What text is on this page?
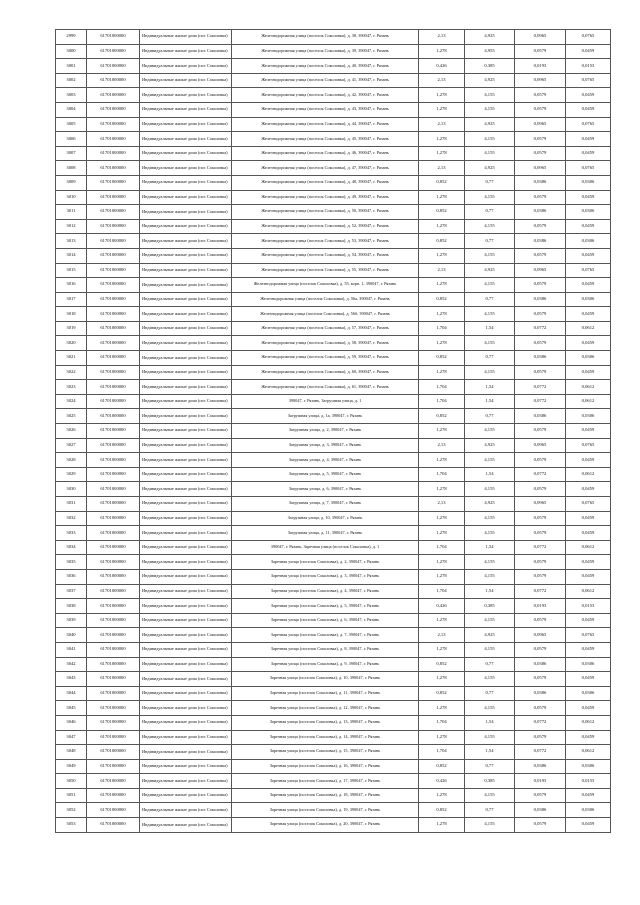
2999	61701000000	Индивидуальные жилые дома (пос Соколовка)	Железнодорожная улица (поселок Соколовка), д. 38, 390047, г. Рязань	2,13	4,925	0,0965	0,0765
3000	61701000000	Индивидуальные жилые дома (пос Соколовка)	Железнодорожная улица (поселок Соколовка), д. 39, 390047, г. Рязань	1,278	4,955	0,0579	0,0459
3001	61701000000	Индивидуальные жилые дома (пос Соколовка)	Железнодорожная улица (поселок Соколовка), д. 40, 390047, г. Рязань	0,426	0,385	0,0193	0,0153
3002	61701000000	Индивидуальные жилые дома (пос Соколовка)	Железнодорожная улица (поселок Соколовка), д. 41, 390047, г. Рязань	2,13	4,925	0,0965	0,0765
3003	61701000000	Индивидуальные жилые дома (пос Соколовка)	Железнодорожная улица (поселок Соколовка), д. 42, 390047, г. Рязань	1,278	4,155	0,0579	0,0459
3004	61701000000	Индивидуальные жилые дома (пос Соколовка)	Железнодорожная улица (поселок Соколовка), д. 43, 390047, г. Рязань	1,278	4,155	0,0579	0,0459
3005	61701000000	Индивидуальные жилые дома (пос Соколовка)	Железнодорожная улица (поселок Соколовка), д. 44, 390047, г. Рязань	2,13	4,925	0,0965	0,0765
3006	61701000000	Индивидуальные жилые дома (пос Соколовка)	Железнодорожная улица (поселок Соколовка), д. 45, 390047, г. Рязань	1,278	4,155	0,0579	0,0459
3007	61701000000	Индивидуальные жилые дома (пос Соколовка)	Железнодорожная улица (поселок Соколовка), д. 46, 390047, г. Рязань	1,278	4,155	0,0579	0,0459
3008	61701000000	Индивидуальные жилые дома (пос Соколовка)	Железнодорожная улица (поселок Соколовка), д. 47, 390047, г. Рязань	2,13	4,925	0,0965	0,0765
3009	61701000000	Индивидуальные жилые дома (пос Соколовка)	Железнодорожная улица (поселок Соколовка), д. 48, 390047, г. Рязань	0,852	0,77	0,0386	0,0306
3010	61701000000	Индивидуальные жилые дома (пос Соколовка)	Железнодорожная улица (поселок Соколовка), д. 49, 390047, г. Рязань	1,278	4,155	0,0579	0,0459
3011	61701000000	Индивидуальные жилые дома (пос Соколовка)	Железнодорожная улица (поселок Соколовка), д. 50, 390047, г. Рязань	0,852	0,77	0,0386	0,0306
3012	61701000000	Индивидуальные жилые дома (пос Соколовка)	Железнодорожная улица (поселок Соколовка), д. 52, 390047, г. Рязань	1,278	4,155	0,0579	0,0459
3013	61701000000	Индивидуальные жилые дома (пос Соколовка)	Железнодорожная улица (поселок Соколовка), д. 53, 390047, г. Рязань	0,852	0,77	0,0386	0,0306
3014	61701000000	Индивидуальные жилые дома (пос Соколовка)	Железнодорожная улица (поселок Соколовка), д. 54, 390047, г. Рязань	1,278	4,155	0,0579	0,0459
3015	61701000000	Индивидуальные жилые дома (пос Соколовка)	Железнодорожная улица (поселок Соколовка), д. 55, 390047, г. Рязань	2,13	4,925	0,0965	0,0765
3016	61701000000	Индивидуальные жилые дома (пос Соколовка)	Железнодорожная улица (поселок Соколовка), д. 55, корп. 1, 390047, г. Рязань	1,278	4,155	0,0579	0,0459
3017	61701000000	Индивидуальные жилые дома (пос Соколовка)	Железнодорожная улица (поселок Соколовка), д. 56а, 390047, г. Рязань	0,852	0,77	0,0386	0,0306
3018	61701000000	Индивидуальные жилые дома (пос Соколовка)	Железнодорожная улица (поселок Соколовка), д. 56б, 390047, г. Рязань	1,278	4,155	0,0579	0,0459
3019	61701000000	Индивидуальные жилые дома (пос Соколовка)	Железнодорожная улица (поселок Соколовка), д. 57, 390047, г. Рязань	1,704	1,54	0,0772	0,0612
3020	61701000000	Индивидуальные жилые дома (пос Соколовка)	Железнодорожная улица (поселок Соколовка), д. 58, 390047, г. Рязань	1,278	4,155	0,0579	0,0459
3021	61701000000	Индивидуальные жилые дома (пос Соколовка)	Железнодорожная улица (поселок Соколовка), д. 59, 390047, г. Рязань	0,852	0,77	0,0386	0,0306
3022	61701000000	Индивидуальные жилые дома (пос Соколовка)	Железнодорожная улица (поселок Соколовка), д. 60, 390047, г. Рязань	1,278	4,155	0,0579	0,0459
3023	61701000000	Индивидуальные жилые дома (пос Соколовка)	Железнодорожная улица (поселок Соколовка), д. 61, 390047, г. Рязань	1,704	1,54	0,0772	0,0612
3024	61701000000	Индивидуальные жилые дома (пос Соколовка)	390047, г. Рязань, Загрушная улица, д. 1	1,704	1,54	0,0772	0,0612
3025	61701000000	Индивидуальные жилые дома (пос Соколовка)	Загрушная улица, д. 1а, 390047, г. Рязань	0,852	0,77	0,0386	0,0306
3026	61701000000	Индивидуальные жилые дома (пос Соколовка)	Загрушная улица, д. 2, 390047, г. Рязань	1,278	4,155	0,0579	0,0459
3027	61701000000	Индивидуальные жилые дома (пос Соколовка)	Загрушная улица, д. 3, 390047, г. Рязань	2,13	4,925	0,0965	0,0765
3028	61701000000	Индивидуальные жилые дома (пос Соколовка)	Загрушная улица, д. 4, 390047, г. Рязань	1,278	4,155	0,0579	0,0459
3029	61701000000	Индивидуальные жилые дома (пос Соколовка)	Загрушная улица, д. 5, 390047, г. Рязань	1,704	1,54	0,0772	0,0612
3030	61701000000	Индивидуальные жилые дома (пос Соколовка)	Загрушная улица, д. 6, 390047, г. Рязань	1,278	4,155	0,0579	0,0459
3031	61701000000	Индивидуальные жилые дома (пос Соколовка)	Загрушная улица, д. 7, 390047, г. Рязань	2,13	4,925	0,0965	0,0765
3032	61701000000	Индивидуальные жилые дома (пос Соколовка)	Загрушная улица, д. 10, 390047, г. Рязань	1,278	4,155	0,0579	0,0459
3033	61701000000	Индивидуальные жилые дома (пос Соколовка)	Загрушная улица, д. 11, 390047, г. Рязань	1,278	4,155	0,0579	0,0459
3034	61701000000	Индивидуальные жилые дома (пос Соколовка)	390047, г. Рязань, Заречная улица (поселок Соколовка), д. 1	1,704	1,54	0,0772	0,0612
3035	61701000000	Индивидуальные жилые дома (пос Соколовка)	Заречная улица (поселок Соколовка), д. 2, 390047, г. Рязань	1,278	4,155	0,0579	0,0459
3036	61701000000	Индивидуальные жилые дома (пос Соколовка)	Заречная улица (поселок Соколовка), д. 3, 390047, г. Рязань	1,278	4,155	0,0579	0,0459
3037	61701000000	Индивидуальные жилые дома (пос Соколовка)	Заречная улица (поселок Соколовка), д. 4, 390047, г. Рязань	1,704	1,54	0,0772	0,0612
3038	61701000000	Индивидуальные жилые дома (пос Соколовка)	Заречная улица (поселок Соколовка), д. 5, 390047, г. Рязань	0,426	0,385	0,0193	0,0153
3039	61701000000	Индивидуальные жилые дома (пос Соколовка)	Заречная улица (поселок Соколовка), д. 6, 390047, г. Рязань	1,278	4,155	0,0579	0,0459
3040	61701000000	Индивидуальные жилые дома (пос Соколовка)	Заречная улица (поселок Соколовка), д. 7, 390047, г. Рязань	2,13	4,925	0,0965	0,0765
3041	61701000000	Индивидуальные жилые дома (пос Соколовка)	Заречная улица (поселок Соколовка), д. 8, 390047, г. Рязань	1,278	4,155	0,0579	0,0459
3042	61701000000	Индивидуальные жилые дома (пос Соколовка)	Заречная улица (поселок Соколовка), д. 9, 390047, г. Рязань	0,852	0,77	0,0386	0,0306
3043	61701000000	Индивидуальные жилые дома (пос Соколовка)	Заречная улица (поселок Соколовка), д. 10, 390047, г. Рязань	1,278	4,155	0,0579	0,0459
3044	61701000000	Индивидуальные жилые дома (пос Соколовка)	Заречная улица (поселок Соколовка), д. 11, 390047, г. Рязань	0,852	0,77	0,0386	0,0306
3045	61701000000	Индивидуальные жилые дома (пос Соколовка)	Заречная улица (поселок Соколовка), д. 12, 390047, г. Рязань	1,278	4,155	0,0579	0,0459
3046	61701000000	Индивидуальные жилые дома (пос Соколовка)	Заречная улица (поселок Соколовка), д. 13, 390047, г. Рязань	1,704	1,54	0,0772	0,0612
3047	61701000000	Индивидуальные жилые дома (пос Соколовка)	Заречная улица (поселок Соколовка), д. 14, 390047, г. Рязань	1,278	4,155	0,0579	0,0459
3048	61701000000	Индивидуальные жилые дома (пос Соколовка)	Заречная улица (поселок Соколовка), д. 15, 390047, г. Рязань	1,704	1,54	0,0772	0,0612
3049	61701000000	Индивидуальные жилые дома (пос Соколовка)	Заречная улица (поселок Соколовка), д. 16, 390047, г. Рязань	0,852	0,77	0,0386	0,0306
3050	61701000000	Индивидуальные жилые дома (пос Соколовка)	Заречная улица (поселок Соколовка), д. 17, 390047, г. Рязань	0,426	0,385	0,0193	0,0153
3051	61701000000	Индивидуальные жилые дома (пос Соколовка)	Заречная улица (поселок Соколовка), д. 18, 390047, г. Рязань	1,278	4,155	0,0579	0,0459
3052	61701000000	Индивидуальные жилые дома (пос Соколовка)	Заречная улица (поселок Соколовка), д. 19, 390047, г. Рязань	0,852	0,77	0,0386	0,0306
3053	61701000000	Индивидуальные жилые дома (пос Соколовка)	Заречная улица (поселок Соколовка), д. 20, 390047, г. Рязань	1,278	4,155	0,0579	0,0459
